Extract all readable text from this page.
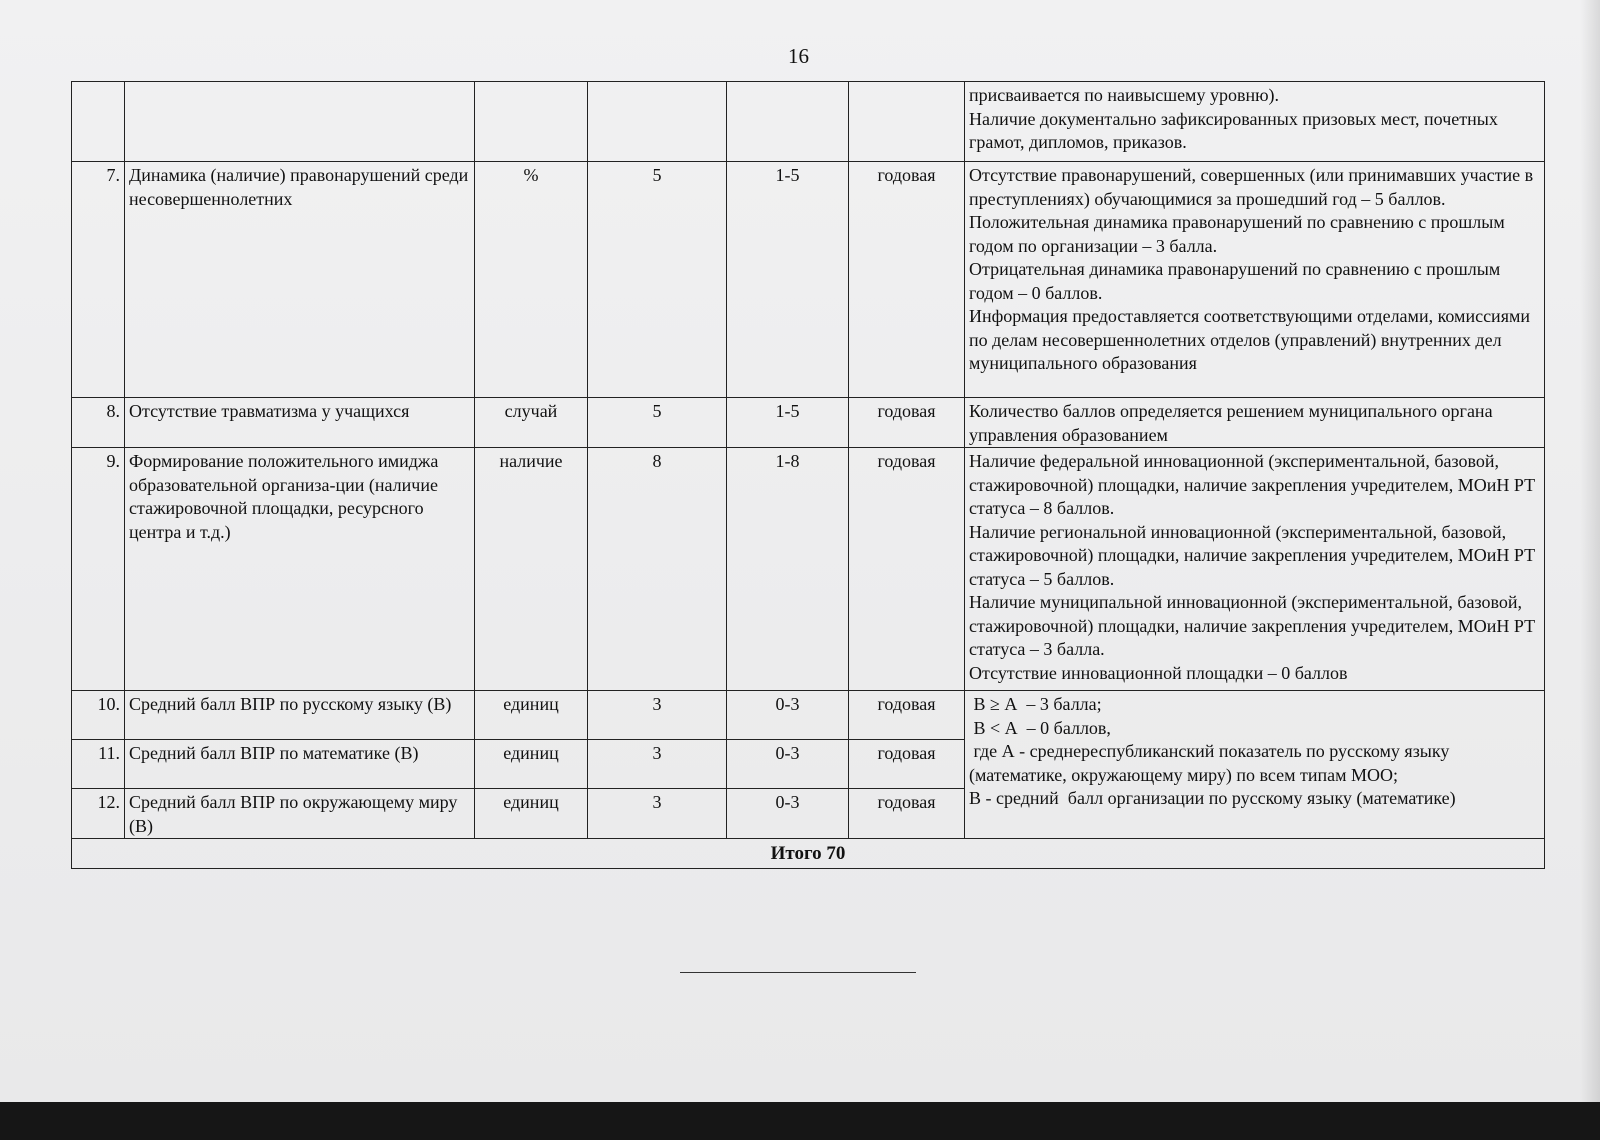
16

						присваивается по наивысшему уровню).

Наличие документально зафиксированных призовых мест, почетных грамот, дипломов, приказов.

7.	Динамика (наличие) правонарушений среди несовершеннолетних	%	5	1-5	годовая	Отсутствие правонарушений, совершенных (или принимавших участие в преступлениях) обучающимися за прошедший год – 5 баллов.

Положительная динамика правонарушений по сравнению с прошлым годом по организации – 3 балла.

Отрицательная динамика правонарушений по сравнению с прошлым годом – 0 баллов.

Информация предоставляется соответствующими отделами, комиссиями по делам несовершеннолетних отделов (управлений) внутренних дел муниципального образования

8.	Отсутствие травматизма у учащихся	случай	5	1-5	годовая	Количество баллов определяется решением муниципального органа управления образованием

9.	Формирование положительного имиджа образовательной организа-ции (наличие стажировочной площадки, ресурсного центра и т.д.)	наличие	8	1-8	годовая	Наличие федеральной инновационной (экспериментальной, базовой, стажировочной) площадки, наличие закрепления учредителем, МОиН РТ статуса – 8 баллов.

Наличие региональной инновационной (экспериментальной, базовой, стажировочной) площадки, наличие закрепления учредителем, МОиН РТ статуса – 5 баллов.

Наличие муниципальной инновационной (экспериментальной, базовой, стажировочной) площадки, наличие закрепления учредителем, МОиН РТ статуса – 3 балла.

Отсутствие инновационной площадки – 0 баллов

10.	Средний балл ВПР по русскому языку (В)	единиц	3	0-3	годовая	В ≥ А  – 3 балла;

В < А  – 0 баллов,

где А - среднереспубликанский показатель по русскому языку (математике, окружающему миру) по всем типам МОО;

В - средний  балл организации по русскому языку (математике)

11.	Средний балл ВПР по математике (В)	единиц	3	0-3	годовая	
12.	Средний балл ВПР по окружающему миру (В)	единиц	3	0-3	годовая	
Итого 70						
